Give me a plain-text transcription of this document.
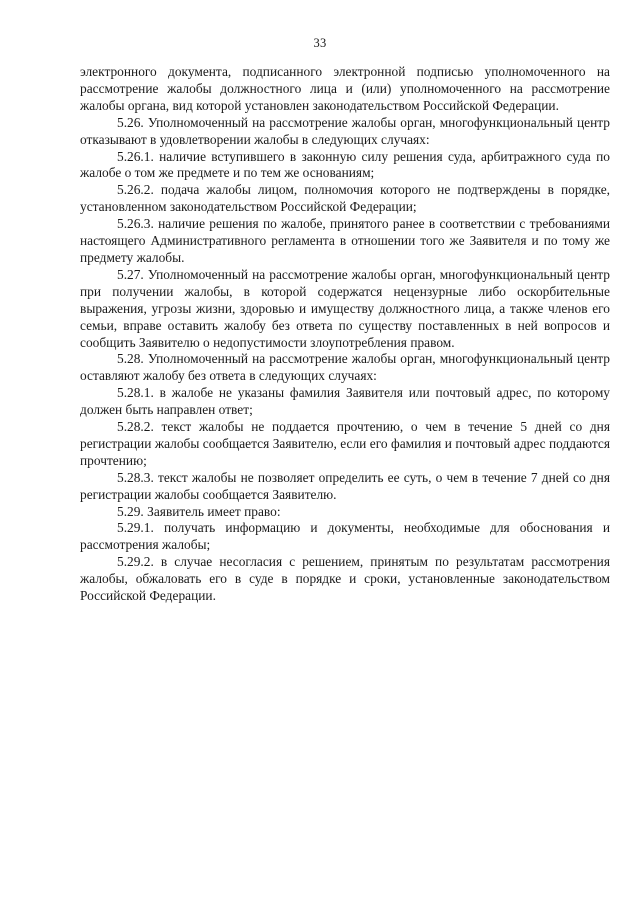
33

электронного документа, подписанного электронной подписью уполномоченного на рассмотрение жалобы должностного лица и (или) уполномоченного на рассмотрение жалобы органа, вид которой установлен законодательством Российской Федерации.

5.26. Уполномоченный на рассмотрение жалобы орган, многофункциональный центр отказывают в удовлетворении жалобы в следующих случаях:

5.26.1. наличие вступившего в законную силу решения суда, арбитражного суда по жалобе о том же предмете и по тем же основаниям;

5.26.2. подача жалобы лицом, полномочия которого не подтверждены в порядке, установленном законодательством Российской Федерации;

5.26.3. наличие решения по жалобе, принятого ранее в соответствии с требованиями настоящего Административного регламента в отношении того же Заявителя и по тому же предмету жалобы.

5.27. Уполномоченный на рассмотрение жалобы орган, многофункциональный центр при получении жалобы, в которой содержатся нецензурные либо оскорбительные выражения, угрозы жизни, здоровью и имуществу должностного лица, а также членов его семьи, вправе оставить жалобу без ответа по существу поставленных в ней вопросов и сообщить Заявителю о недопустимости злоупотребления правом.

5.28. Уполномоченный на рассмотрение жалобы орган, многофункциональный центр оставляют жалобу без ответа в следующих случаях:

5.28.1. в жалобе не указаны фамилия Заявителя или почтовый адрес, по которому должен быть направлен ответ;

5.28.2. текст жалобы не поддается прочтению, о чем в течение 5 дней со дня регистрации жалобы сообщается Заявителю, если его фамилия и почтовый адрес поддаются прочтению;

5.28.3. текст жалобы не позволяет определить ее суть, о чем в течение 7 дней со дня регистрации жалобы сообщается Заявителю.

5.29. Заявитель имеет право:

5.29.1. получать информацию и документы, необходимые для обоснования и рассмотрения жалобы;

5.29.2. в случае несогласия с решением, принятым по результатам рассмотрения жалобы, обжаловать его в суде в порядке и сроки, установленные законодательством Российской Федерации.
